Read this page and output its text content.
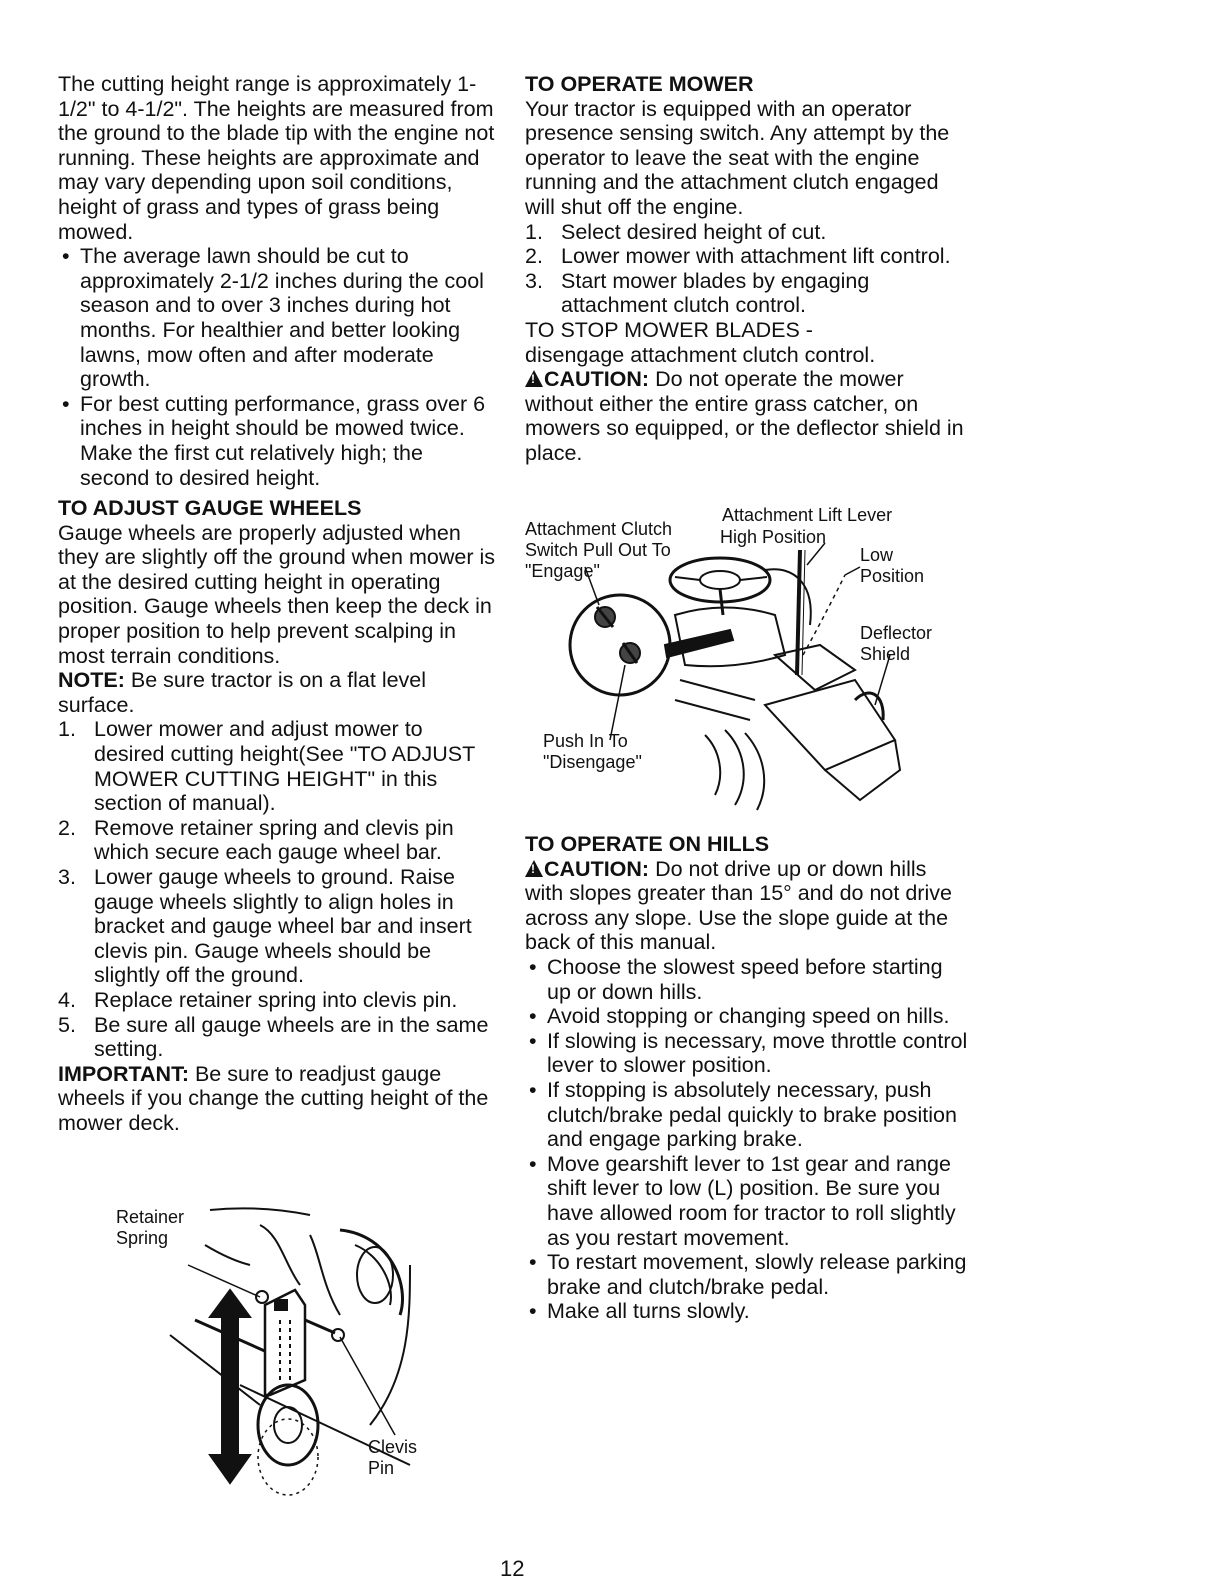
The cutting height range is approximately 1-1/2" to 4-1/2". The heights are measured from the ground to the blade tip with the engine not running. These heights are approximate and may vary depending upon soil conditions, height of grass and types of grass being mowed.

• The average lawn should be cut to approximately 2-1/2 inches during the cool season and to over 3 inches during hot months. For healthier and better looking lawns, mow often and after moderate growth.
• For best cutting performance, grass over 6 inches in height should be mowed twice. Make the first cut relatively high; the second to desired height.

TO ADJUST GAUGE WHEELS

Gauge wheels are properly adjusted when they are slightly off the ground when mower is at the desired cutting height in operating position. Gauge wheels then keep the deck in proper position to help prevent scalping in most terrain conditions.

NOTE: Be sure tractor is on a flat level surface.

1. Lower mower and adjust mower to desired cutting height(See "TO ADJUST MOWER CUTTING HEIGHT" in this section of manual).
2. Remove retainer spring and clevis pin which secure each gauge wheel bar.
3. Lower gauge wheels to ground. Raise gauge wheels slightly to align holes in bracket and gauge wheel bar and insert clevis pin. Gauge wheels should be slightly off the ground.
4. Replace retainer spring into clevis pin.
5. Be sure all gauge wheels are in the same setting.

IMPORTANT: Be sure to readjust gauge wheels if you change the cutting height of the mower deck.

Retainer Spring
Clevis Pin

TO OPERATE MOWER

Your tractor is equipped with an operator presence sensing switch. Any attempt by the operator to leave the seat with the engine running and the attachment clutch engaged will shut off the engine.

1. Select desired height of cut.
2. Lower mower with attachment lift control.
3. Start mower blades by engaging attachment clutch control.

TO STOP MOWER BLADES -

disengage attachment clutch control.

!CAUTION: Do not operate the mower without either the entire grass catcher, on mowers so equipped, or the deflector shield in place.

Attachment Clutch Switch Pull Out To "Engage"
Attachment Lift Lever
High Position
Low Position
Deflector Shield
Push In To "Disengage"

TO OPERATE ON HILLS

!CAUTION: Do not drive up or down hills with slopes greater than 15° and do not drive across any slope. Use the slope guide at the back of this manual.

• Choose the slowest speed before starting up or down hills.
• Avoid stopping or changing speed on hills.
• If slowing is necessary, move throttle control lever to slower position.
• If stopping is absolutely necessary, push clutch/brake pedal quickly to brake position and engage parking brake.
• Move gearshift lever to 1st gear and range shift lever to low (L) position. Be sure you have allowed room for tractor to roll slightly as you restart movement.
• To restart movement, slowly release parking brake and clutch/brake pedal.
• Make all turns slowly.
12
